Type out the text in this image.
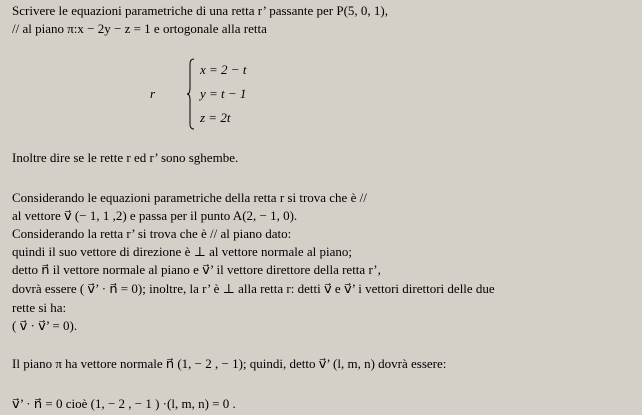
Scrivere le equazioni parametriche di una retta r’ passante per P(5, 0, 1),
// al piano π:x − 2y − z = 1 e ortogonale alla retta
r
x = 2 − t
y = t − 1
z = 2t
Inoltre dire se le rette r ed r’ sono sghembe.
Considerando le equazioni parametriche della retta r si trova che è //
al vettore v⃗ (− 1, 1 ,2) e passa per il punto A(2, − 1, 0).
Considerando la retta r’ si trova che è // al piano dato:
quindi il suo vettore di direzione è ⊥ al vettore normale al piano;
detto n⃗ il vettore normale al piano e v⃗’ il vettore direttore della retta r’,
dovrà essere ( v⃗’ · n⃗ = 0); inoltre, la r’ è ⊥ alla retta r: detti v⃗ e v⃗’ i vettori direttori delle due
rette si ha:
( v⃗ · v⃗’ = 0).
Il piano π ha vettore normale n⃗ (1, − 2 , − 1); quindi, detto v⃗’ (l, m, n) dovrà essere:
v⃗’ · n⃗ = 0 cioè (1, − 2 , − 1 ) ·(l, m, n) = 0 .
